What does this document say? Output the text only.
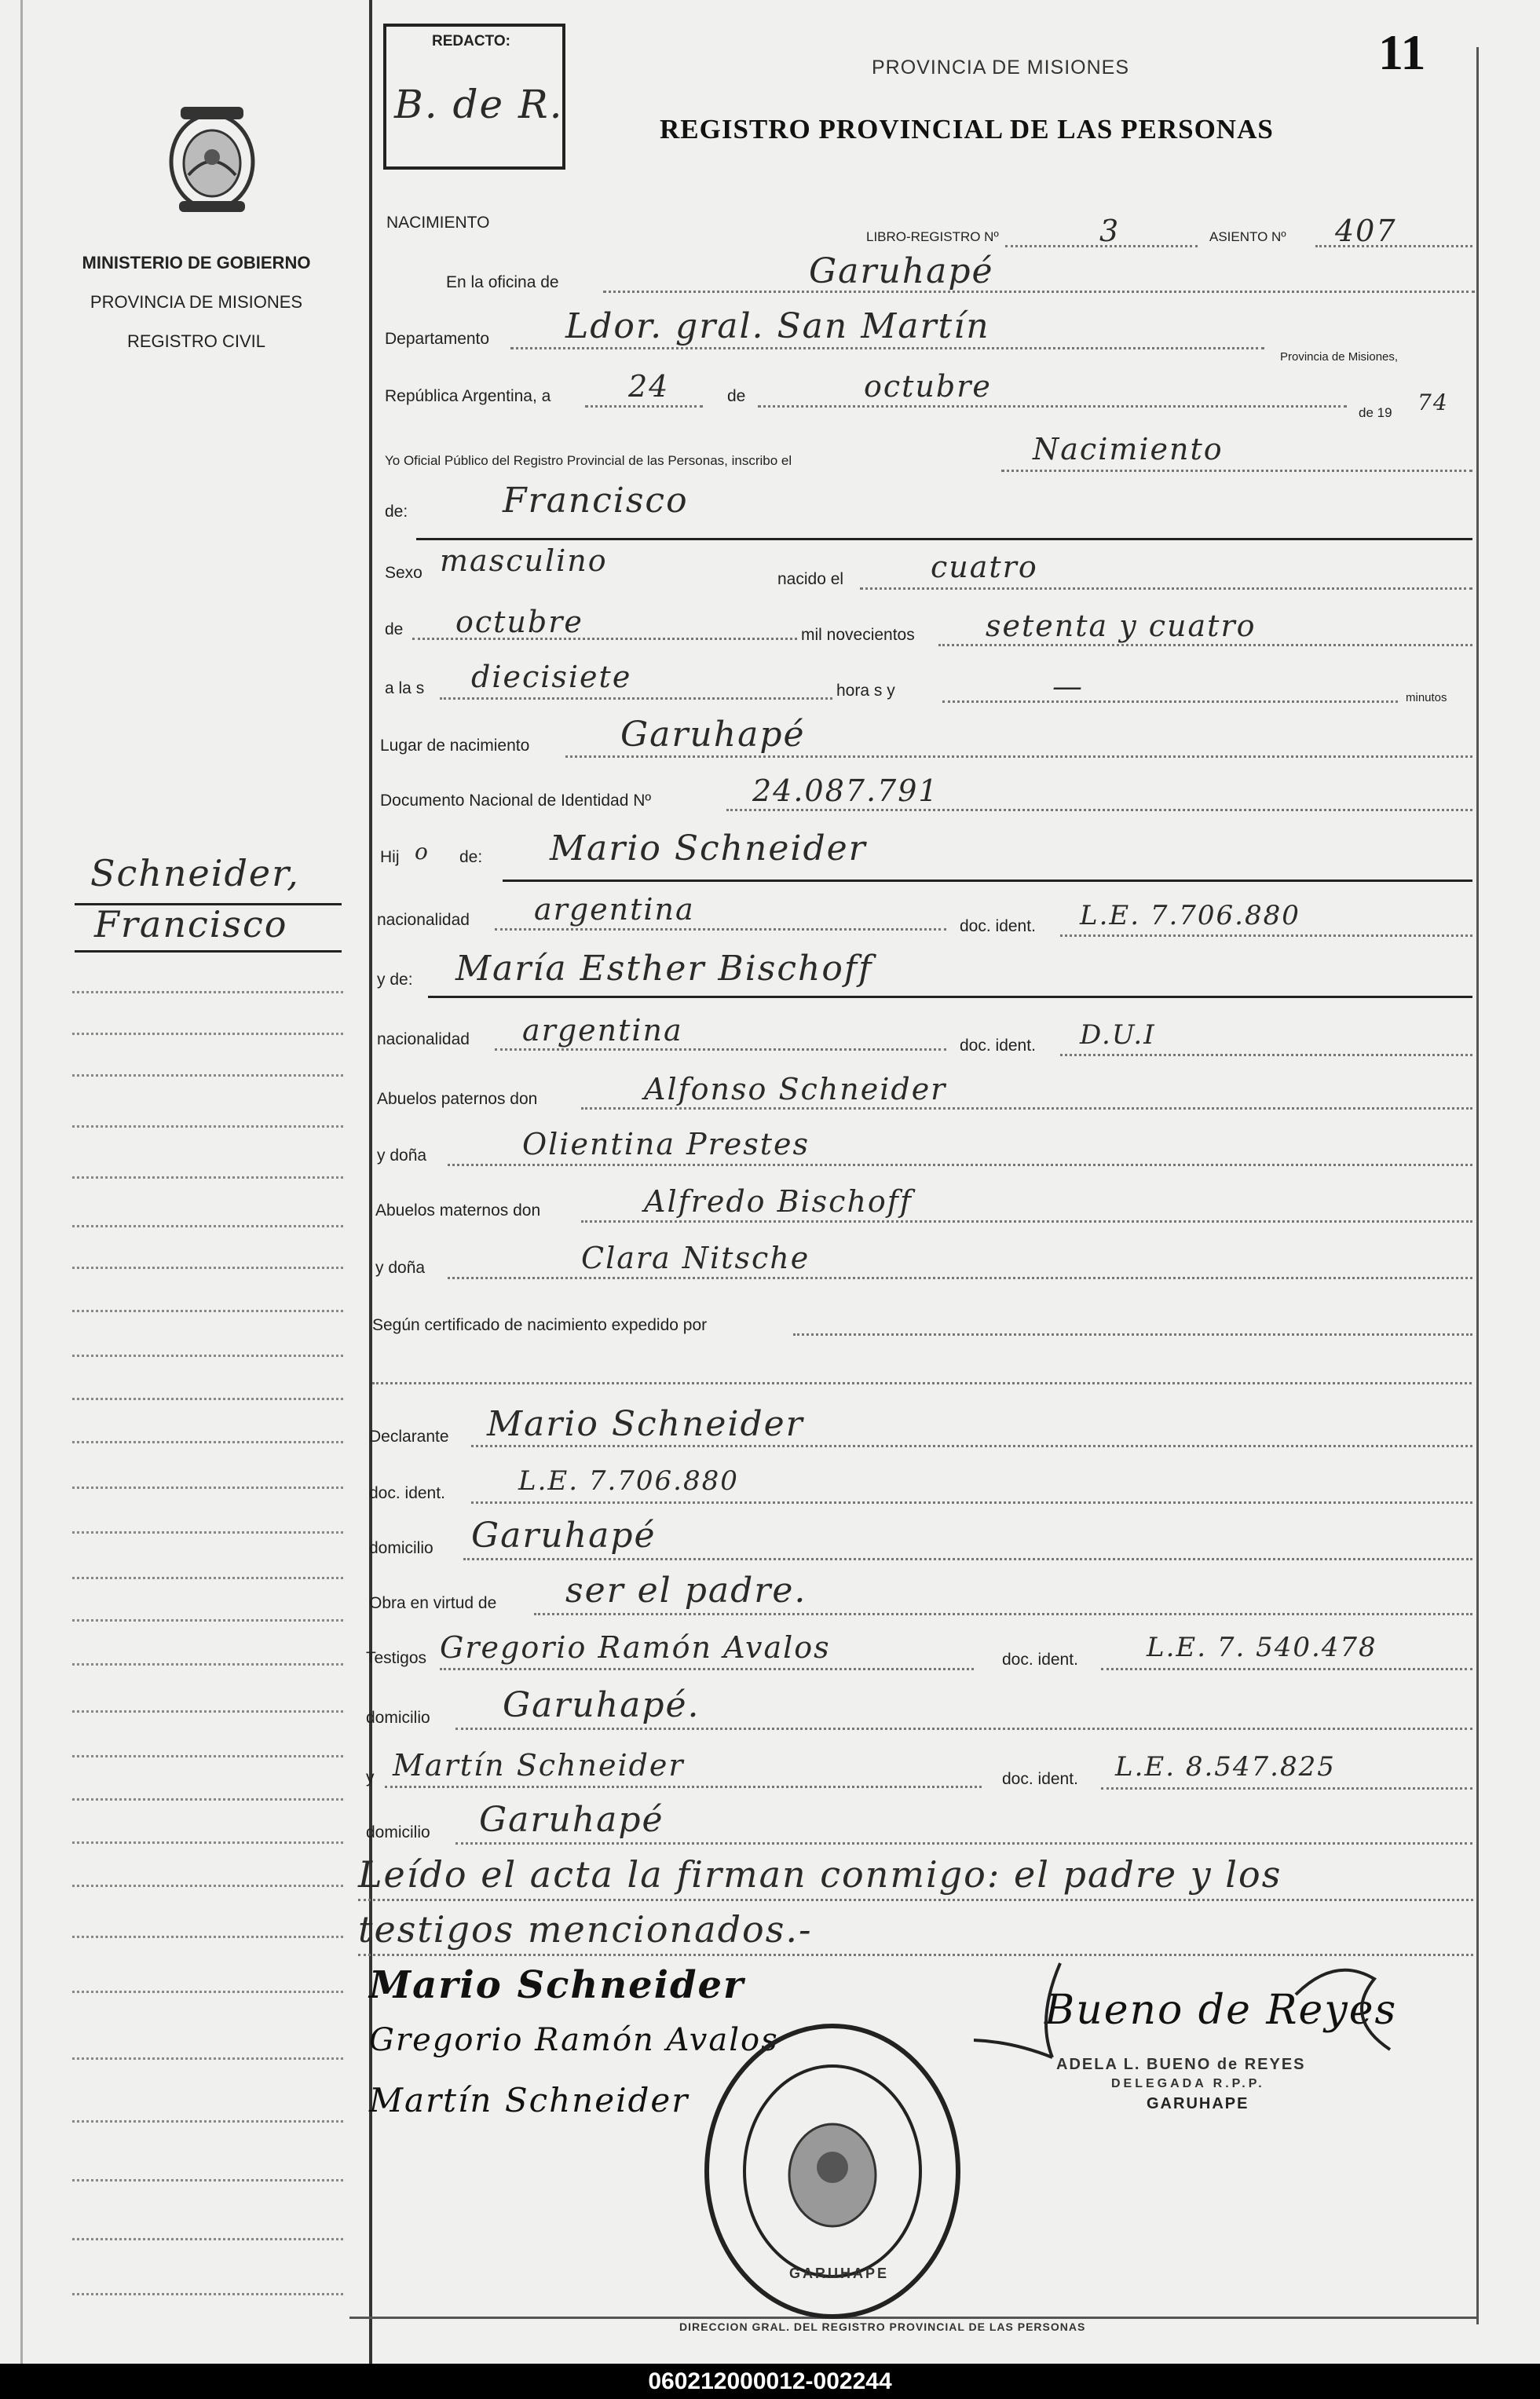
11
REDACTO:
B. de R.
PROVINCIA DE MISIONES
REGISTRO PROVINCIAL DE LAS PERSONAS
MINISTERIO DE GOBIERNO
PROVINCIA DE MISIONES
REGISTRO CIVIL
Schneider,
Francisco
NACIMIENTO
LIBRO-REGISTRO Nº	3	ASIENTO Nº 407
En la oficina de	Garuhapé
Departamento Ldor. gral. San Martín
Provincia de Misiones,
República Argentina, a	24	de	octubre
de 19 74
Yo Oficial Público del Registro Provincial de las Personas, inscribo el	Nacimiento
de:	Francisco
Sexo masculino
nacido el	cuatro
de octubre	mil novecientos setenta y cuatro
a la s diecisiete	hora s y	—	minutos
Lugar de nacimiento	Garuhapé
Documento Nacional de Identidad Nº	24.087.791
Hij o de: Mario Schneider
nacionalidad argentina	doc. ident. L.E. 7.706.880
y de: María Esther Bischoff
nacionalidad argentina	doc. ident. D.U.I
Abuelos paternos don	Alfonso Schneider
y doña	Olientina Prestes
Abuelos maternos don	Alfredo Bischoff
y doña	Clara Nitsche
Según certificado de nacimiento expedido por
Declarante Mario Schneider
doc. ident.	L.E. 7.706.880
domicilio Garuhapé
Obra en virtud de ser el padre.
Testigos Gregorio Ramón Avalos	doc. ident.	L.E. 7. 540.478
domicilio Garuhapé.
y Martín Schneider	doc. ident. L.E. 8.547.825
domicilio Garuhapé
Leído el acta la firman conmigo: el padre y los
testigos mencionados.-
Mario Schneider
Gregorio Ramón Avalos
Martín Schneider
Bueno de Reyes
ADELA L. BUENO de REYES
DELEGADA R.P.P.
GARUHAPE
DIRECCION GRAL. DEL REGISTRO PROVINCIAL DE LAS PERSONAS
GARUHAPE
060212000012-002244
